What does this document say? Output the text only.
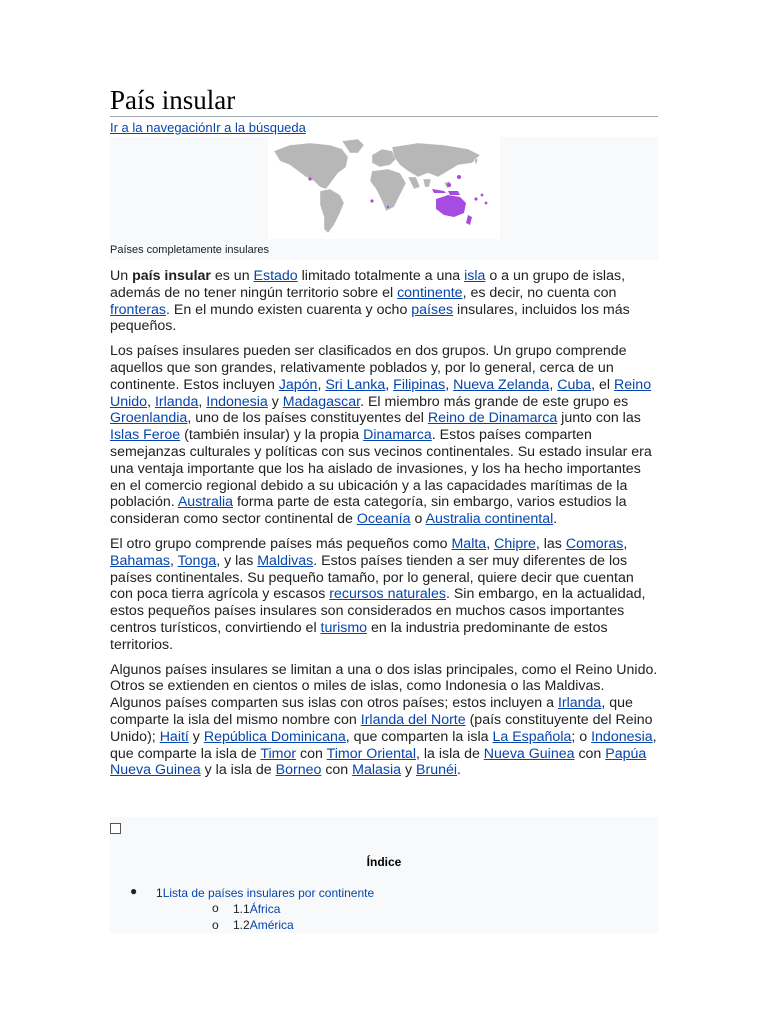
País insular
Ir a la navegaciónIr a la búsqueda
Países completamente insulares

Un país insular es un Estado limitado totalmente a una isla o a un grupo de islas, además de no tener ningún territorio sobre el continente, es decir, no cuenta con fronteras. En el mundo existen cuarenta y ocho países insulares, incluidos los más pequeños.

Los países insulares pueden ser clasificados en dos grupos. Un grupo comprende aquellos que son grandes, relativamente poblados y, por lo general, cerca de un continente. Estos incluyen Japón, Sri Lanka, Filipinas, Nueva Zelanda, Cuba, el Reino Unido, Irlanda, Indonesia y Madagascar. El miembro más grande de este grupo es Groenlandia, uno de los países constituyentes del Reino de Dinamarca junto con las Islas Feroe (también insular) y la propia Dinamarca. Estos países comparten semejanzas culturales y políticas con sus vecinos continentales. Su estado insular era una ventaja importante que los ha aislado de invasiones, y los ha hecho importantes en el comercio regional debido a su ubicación y a las capacidades marítimas de la población. Australia forma parte de esta categoría, sin embargo, varios estudios la consideran como sector continental de Oceanía o Australia continental.

El otro grupo comprende países más pequeños como Malta, Chipre, las Comoras, Bahamas, Tonga, y las Maldivas. Estos países tienden a ser muy diferentes de los países continentales. Su pequeño tamaño, por lo general, quiere decir que cuentan con poca tierra agrícola y escasos recursos naturales. Sin embargo, en la actualidad, estos pequeños países insulares son considerados en muchos casos importantes centros turísticos, convirtiendo el turismo en la industria predominante de estos territorios.

Algunos países insulares se limitan a una o dos islas principales, como el Reino Unido. Otros se extienden en cientos o miles de islas, como Indonesia o las Maldivas. Algunos países comparten sus islas con otros países; estos incluyen a Irlanda, que comparte la isla del mismo nombre con Irlanda del Norte (país constituyente del Reino Unido); Haití y República Dominicana, que comparten la isla La Española; o Indonesia, que comparte la isla de Timor con Timor Oriental, la isla de Nueva Guinea con Papúa Nueva Guinea y la isla de Borneo con Malasia y Brunéi.

Índice
● 1Lista de países insulares por continente
o 1.1África
o 1.2América
